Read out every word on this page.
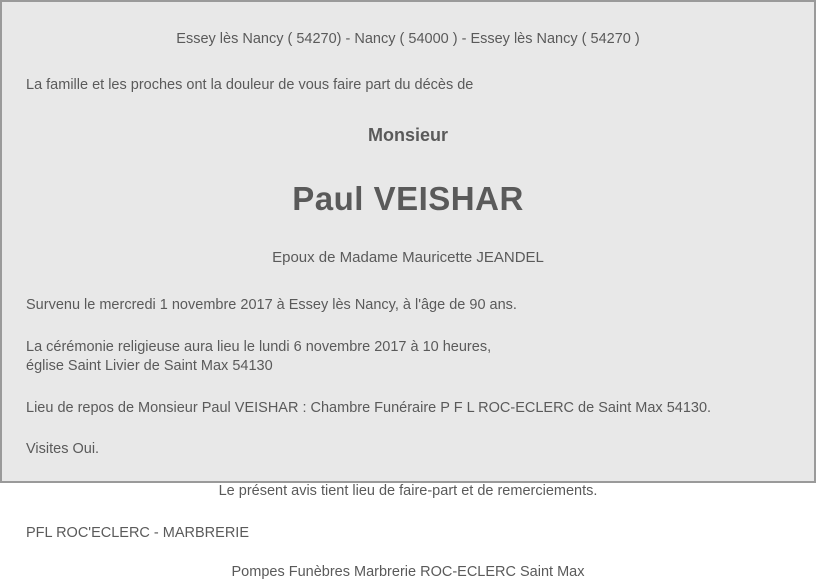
Essey lès Nancy ( 54270) - Nancy ( 54000 ) - Essey lès Nancy ( 54270 )
La famille et les proches ont la douleur de vous faire part du décès de
Monsieur
Paul VEISHAR
Epoux de Madame Mauricette JEANDEL
Survenu le mercredi 1 novembre 2017 à Essey lès Nancy, à l'âge de 90 ans.
La cérémonie religieuse aura lieu le lundi 6 novembre 2017 à 10 heures,
église Saint Livier de Saint Max 54130
Lieu de repos de Monsieur Paul VEISHAR : Chambre Funéraire P F L ROC-ECLERC de Saint Max 54130.
Visites Oui.
Le présent avis tient lieu de faire-part et de remerciements.
PFL ROC'ECLERC - MARBRERIE
Pompes Funèbres Marbrerie ROC-ECLERC Saint Max
